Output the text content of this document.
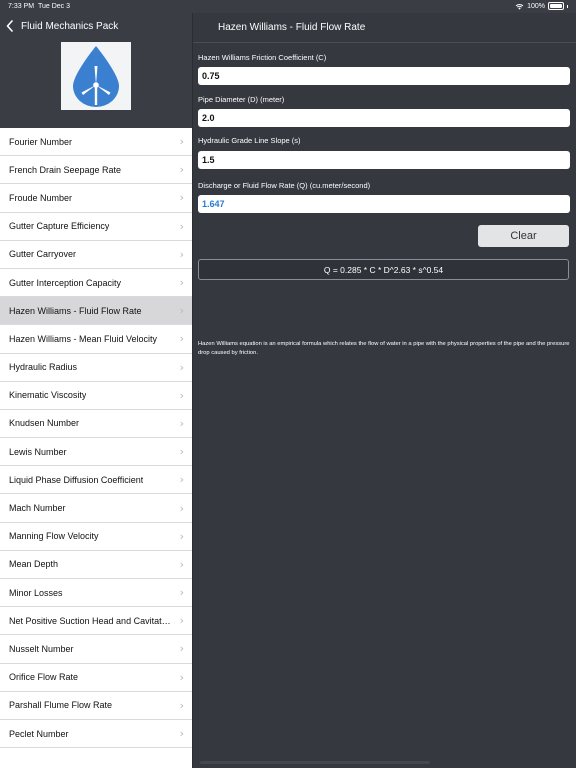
7:33 PM Tue Dec 3	100%
Fluid Mechanics Pack
Fourier Number	›
French Drain Seepage Rate	›
Froude Number	›
Gutter Capture Efficiency	›
Gutter Carryover	›
Gutter Interception Capacity	›
Hazen Williams - Fluid Flow Rate	›
Hazen Williams - Mean Fluid Velocity ›
Hydraulic Radius	›
Kinematic Viscosity	›
Knudsen Number	›
Lewis Number	›
Liquid Phase Diffusion Coefficient	›
Mach Number	›
Manning Flow Velocity	›
Mean Depth	›
Minor Losses	›
Net Positive Suction Head and Cavitat… ›
Nusselt Number	›
Orifice Flow Rate	›
Parshall Flume Flow Rate	›
Peclet Number	›
Hazen Williams - Fluid Flow Rate
Hazen Williams Friction Coefficient (C)
0.75
Pipe Diameter (D) (meter)
2.0
Hydraulic Grade Line Slope (s)
1.5
Discharge or Fluid Flow Rate (Q) (cu.meter/second)
1.647
Clear
Q = 0.285 * C * D^2.63 * s^0.54
Hazen Williams equation is an empirical formula which relates the flow of water in a pipe with the physical properties of the pipe and the pressure drop caused by friction.
